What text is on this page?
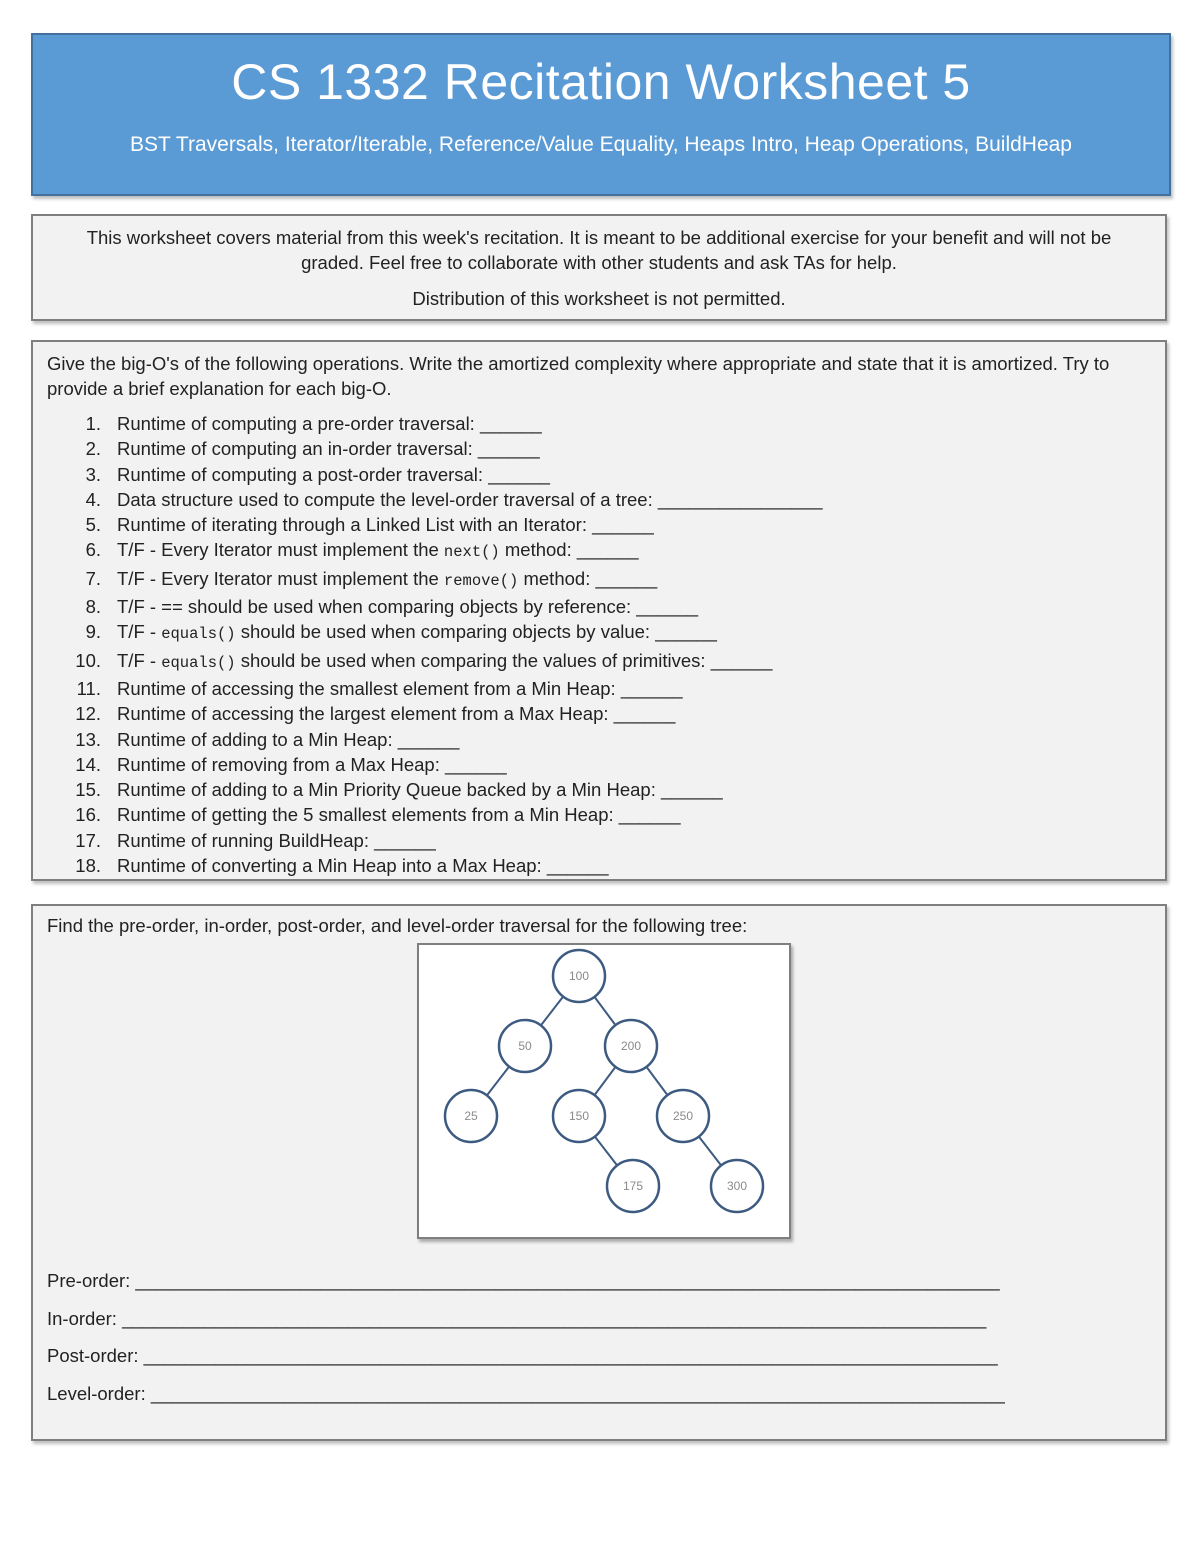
CS 1332 Recitation Worksheet 5
BST Traversals, Iterator/Iterable, Reference/Value Equality, Heaps Intro, Heap Operations, BuildHeap
This worksheet covers material from this week's recitation. It is meant to be additional exercise for your benefit and will not be graded. Feel free to collaborate with other students and ask TAs for help.
Distribution of this worksheet is not permitted.
Give the big-O's of the following operations. Write the amortized complexity where appropriate and state that it is amortized. Try to provide a brief explanation for each big-O.
1. Runtime of computing a pre-order traversal: ______
2. Runtime of computing an in-order traversal: ______
3. Runtime of computing a post-order traversal: ______
4. Data structure used to compute the level-order traversal of a tree: ________________
5. Runtime of iterating through a Linked List with an Iterator: ______
6. T/F - Every Iterator must implement the next() method: ______
7. T/F - Every Iterator must implement the remove() method: ______
8. T/F - == should be used when comparing objects by reference: ______
9. T/F - equals() should be used when comparing objects by value: ______
10. T/F - equals() should be used when comparing the values of primitives: ______
11. Runtime of accessing the smallest element from a Min Heap: ______
12. Runtime of accessing the largest element from a Max Heap: ______
13. Runtime of adding to a Min Heap: ______
14. Runtime of removing from a Max Heap: ______
15. Runtime of adding to a Min Priority Queue backed by a Min Heap: ______
16. Runtime of getting the 5 smallest elements from a Min Heap: ______
17. Runtime of running BuildHeap: ______
18. Runtime of converting a Min Heap into a Max Heap: ______
Find the pre-order, in-order, post-order, and level-order traversal for the following tree:
100
50	200
25	150	250
175	300
Pre-order: ____________________________________________________________________________________
In-order: ____________________________________________________________________________________
Post-order: ___________________________________________________________________________________
Level-order: ___________________________________________________________________________________
